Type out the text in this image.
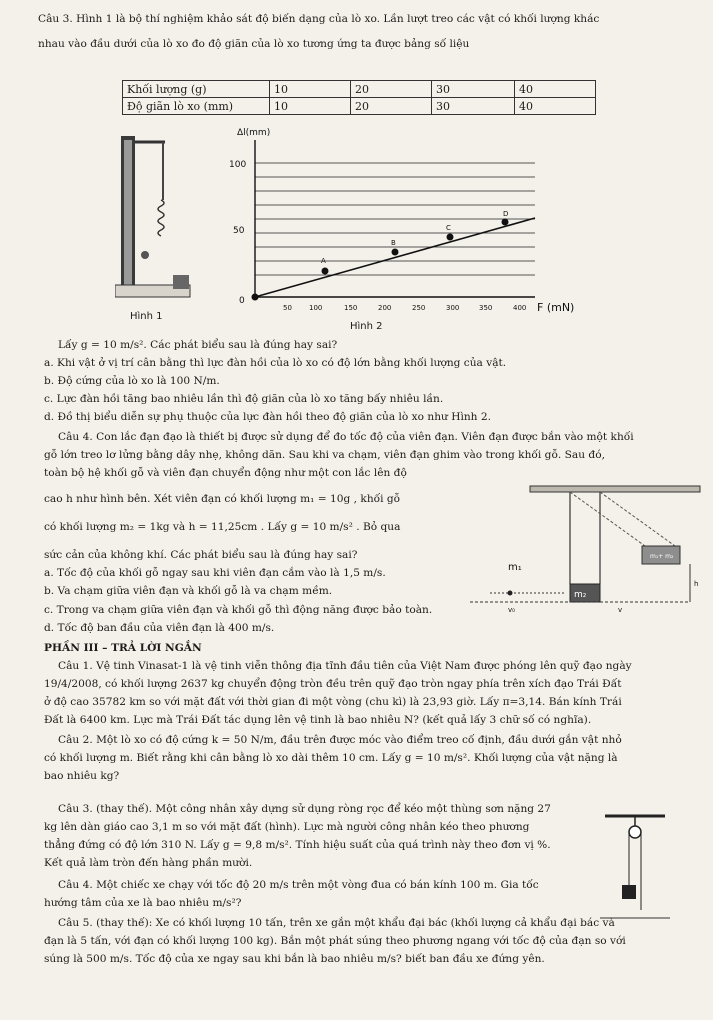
Câu 3. Hình 1 là bộ thí nghiệm khảo sát độ biến dạng của lò xo. Lần lượt treo các vật có khối lượng khác

nhau vào đầu dưới của lò xo đo độ giãn của lò xo tương ứng ta được bảng số liệu

Khối lượng (g)	10	20	30	40
Độ giãn lò xo (mm)	10	20	30	40

Hình 1

Δl(mm)
100
50
0
50 100	150	200	250	300	350	400 F (mN)
A
B
C
D

Hình 2

Lấy g = 10 m/s². Các phát biểu sau là đúng hay sai?

a. Khi vật ở vị trí cân bằng thì lực đàn hồi của lò xo có độ lớn bằng khối lượng của vật.

b. Độ cứng của lò xo là 100 N/m.

c. Lực đàn hồi tăng bao nhiêu lần thì độ giãn của lò xo tăng bấy nhiêu lần.

d. Đồ thị biểu diễn sự phụ thuộc của lực đàn hồi theo độ giãn của lò xo như Hình 2.

Câu 4. Con lắc đạn đạo là thiết bị được sử dụng để đo tốc độ của viên đạn. Viên đạn được bắn vào một khối

gỗ lớn treo lơ lửng bằng dây nhẹ, không dãn. Sau khi va chạm, viên đạn ghim vào trong khối gỗ. Sau đó,

toàn bộ hệ khối gỗ và viên đạn chuyển động như một con lắc lên độ

cao h như hình bên. Xét viên đạn có khối lượng m₁ = 10g , khối gỗ

có khối lượng m₂ = 1kg và h = 11,25cm . Lấy g = 10 m/s² . Bỏ qua

sức cản của không khí. Các phát biểu sau là đúng hay sai?

a. Tốc độ của khối gỗ ngay sau khi viên đạn cắm vào là 1,5 m/s.

b. Va chạm giữa viên đạn và khối gỗ là va chạm mềm.

c. Trong va chạm giữa viên đạn và khối gỗ thì động năng được bảo toàn.

d. Tốc độ ban đầu của viên đạn là 400 m/s.

m₁
m₁+ m₂
m₂
v₀	v
h

PHẦN III – TRẢ LỜI NGẮN

Câu 1. Vệ tinh Vinasat-1 là vệ tinh viễn thông địa tĩnh đầu tiên của Việt Nam được phóng lên quỹ đạo ngày

19/4/2008, có khối lượng 2637 kg chuyển động tròn đều trên quỹ đạo tròn ngay phía trên xích đạo Trái Đất

ở độ cao 35782 km so với mặt đất với thời gian đi một vòng (chu kì) là 23,93 giờ. Lấy π=3,14. Bán kính Trái

Đất là 6400 km. Lực mà Trái Đất tác dụng lên vệ tinh là bao nhiêu N? (kết quả lấy 3 chữ số có nghĩa).

Câu 2. Một lò xo có độ cứng k = 50 N/m, đầu trên được móc vào điểm treo cố định, đầu dưới gắn vật nhỏ

có khối lượng m. Biết rằng khi cân bằng lò xo dài thêm 10 cm. Lấy g = 10 m/s². Khối lượng của vật nặng là

bao nhiêu kg?

Câu 3. (thay thế). Một công nhân xây dựng sử dụng ròng rọc để kéo một thùng sơn nặng 27

kg lên dàn giáo cao 3,1 m so với mặt đất (hình). Lực mà người công nhân kéo theo phương

thẳng đứng có độ lớn 310 N. Lấy g = 9,8 m/s². Tính hiệu suất của quá trình này theo đơn vị %.

Kết quả làm tròn đến hàng phần mười.

Câu 4. Một chiếc xe chạy với tốc độ 20 m/s trên một vòng đua có bán kính 100 m. Gia tốc

hướng tâm của xe là bao nhiêu m/s²?

Câu 5. (thay thế): Xe có khối lượng 10 tấn, trên xe gắn một khẩu đại bác (khối lượng cả khẩu đại bác và

đạn là 5 tấn, với đạn có khối lượng 100 kg). Bắn một phát súng theo phương ngang với tốc độ của đạn so với

súng là 500 m/s. Tốc độ của xe ngay sau khi bắn là bao nhiêu m/s? biết ban đầu xe đứng yên.
